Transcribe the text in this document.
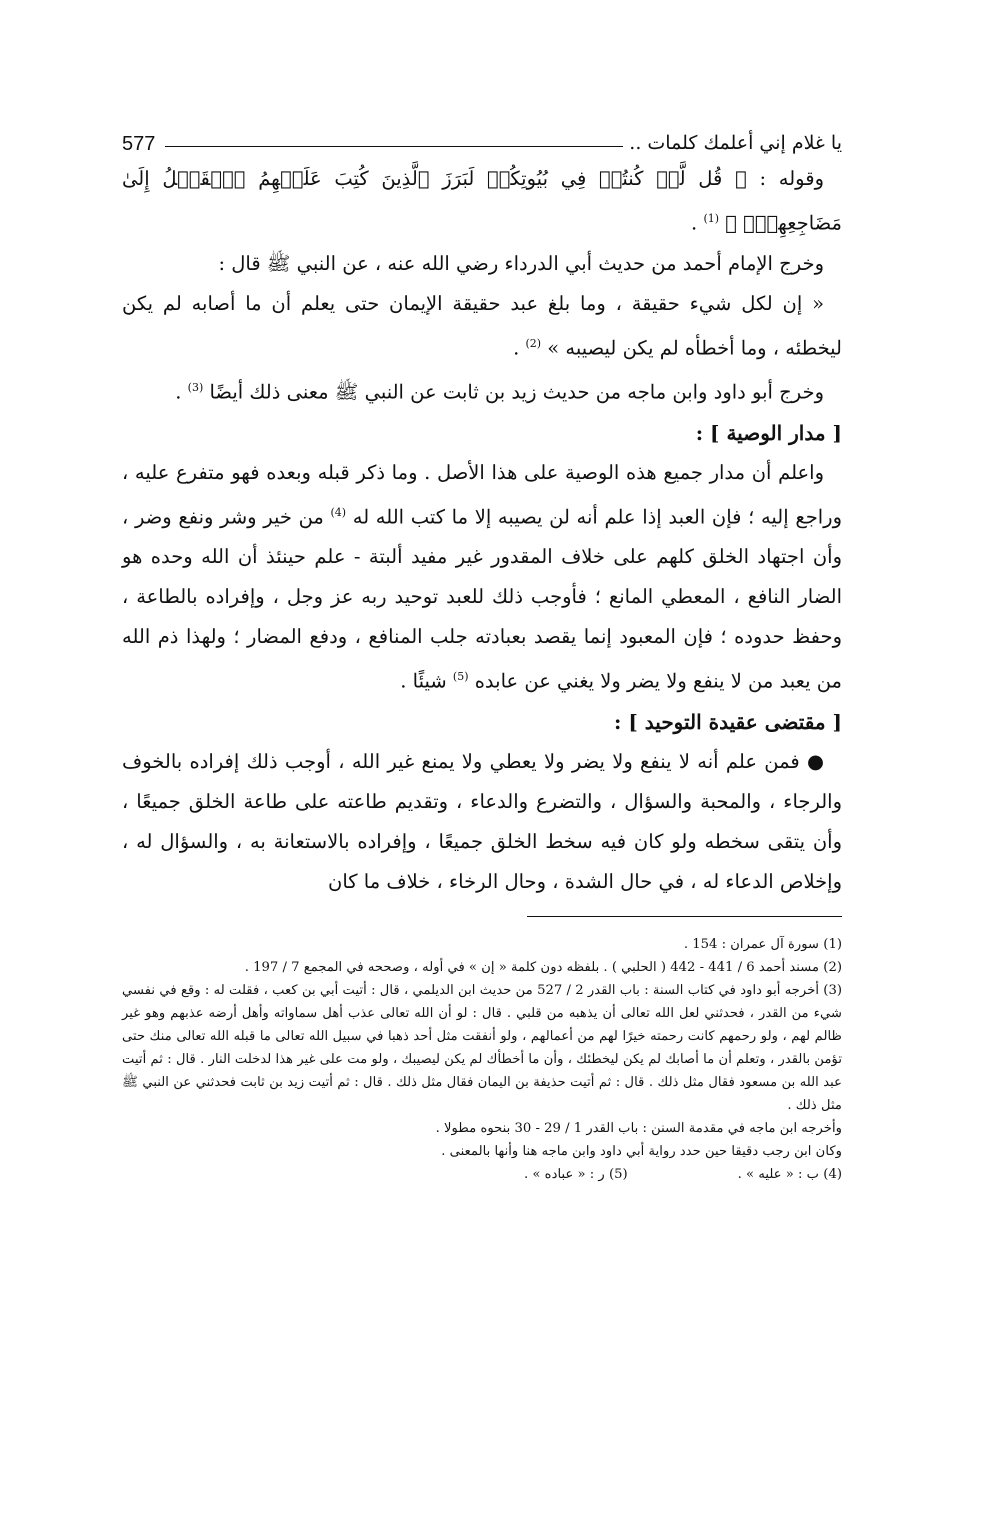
يا غلام إني أعلمك كلمات ..
577

وقوله : ﴿ قُل لَّوۡ كُنتُمۡ فِي بُيُوتِكُمۡ لَبَرَزَ ٱلَّذِينَ كُتِبَ عَلَيۡهِمُ ٱلۡقَتۡلُ إِلَىٰ مَضَاجِعِهِمۡۖ ﴾ $^{(1)}$ .

وخرج الإمام أحمد من حديث أبي الدرداء رضي الله عنه ، عن النبي ﷺ قال :

« إن لكل شيء حقيقة ، وما بلغ عبد حقيقة الإيمان حتى يعلم أن ما أصابه لم يكن ليخطئه ، وما أخطأه لم يكن ليصيبه » $^{(2)}$ .

وخرج أبو داود وابن ماجه من حديث زيد بن ثابت عن النبي ﷺ معنى ذلك أيضًا $^{(3)}$ .

[ مدار الوصية ] :

واعلم أن مدار جميع هذه الوصية على هذا الأصل . وما ذكر قبله وبعده فهو متفرع عليه ، وراجع إليه ؛ فإن العبد إذا علم أنه لن يصيبه إلا ما كتب الله له $^{(4)}$ من خير وشر ونفع وضر ، وأن اجتهاد الخلق كلهم على خلاف المقدور غير مفيد ألبتة - علم حينئذ أن الله وحده هو الضار النافع ، المعطي المانع ؛ فأوجب ذلك للعبد توحيد ربه عز وجل ، وإفراده بالطاعة ، وحفظ حدوده ؛ فإن المعبود إنما يقصد بعبادته جلب المنافع ، ودفع المضار ؛ ولهذا ذم الله من يعبد من لا ينفع ولا يضر ولا يغني عن عابده $^{(5)}$ شيئًا .

[ مقتضى عقيدة التوحيد ] :

● فمن علم أنه لا ينفع ولا يضر ولا يعطي ولا يمنع غير الله ، أوجب ذلك إفراده بالخوف والرجاء ، والمحبة والسؤال ، والتضرع والدعاء ، وتقديم طاعته على طاعة الخلق جميعًا ، وأن يتقى سخطه ولو كان فيه سخط الخلق جميعًا ، وإفراده بالاستعانة به ، والسؤال له ، وإخلاص الدعاء له ، في حال الشدة ، وحال الرخاء ، خلاف ما كان

(1) سورة آل عمران : 154 .

(2) مسند أحمد 6 / 441 - 442 ( الحلبي ) . بلفظه دون كلمة « إن » في أوله ، وصححه في المجمع 7 / 197 .

(3) أخرجه أبو داود في كتاب السنة : باب القدر 2 / 527 من حديث ابن الديلمي ، قال : أتيت أبي بن كعب ، فقلت له : وقع في نفسي شيء من القدر ، فحدثني لعل الله تعالى أن يذهبه من قلبي . قال : لو أن الله تعالى عذب أهل سماواته وأهل أرضه عذبهم وهو غير ظالم لهم ، ولو رحمهم كانت رحمته خيرًا لهم من أعمالهم ، ولو أنفقت مثل أحد ذهبا في سبيل الله تعالى ما قبله الله تعالى منك حتى تؤمن بالقدر ، وتعلم أن ما أصابك لم يكن ليخطئك ، وأن ما أخطأك لم يكن ليصيبك ، ولو مت على غير هذا لدخلت النار . قال : ثم أتيت عبد الله بن مسعود فقال مثل ذلك . قال : ثم أتيت حذيفة بن اليمان فقال مثل ذلك . قال : ثم أتيت زيد بن ثابت فحدثني عن النبي ﷺ مثل ذلك .

وأخرجه ابن ماجه في مقدمة السنن : باب القدر 1 / 29 - 30 بنحوه مطولا .

وكان ابن رجب دقيقا حين حدد رواية أبي داود وابن ماجه هنا وأنها بالمعنى .

(4) ب : « عليه » .
(5) ر : « عباده » .
